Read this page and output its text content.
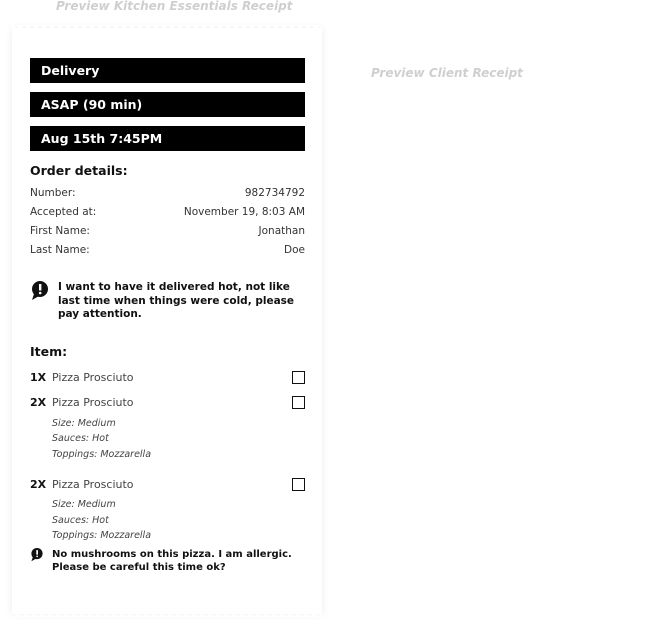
Preview Kitchen Essentials Receipt
Preview Client Receipt
Delivery
ASAP (90 min)
Aug 15th 7:45PM
Order details:
Number:	982734792
Accepted at:	November 19, 8:03 AM
First Name:	Jonathan
Last Name:	Doe
I want to have it delivered hot, not like last time when things were cold, please pay attention.
Item:
1X Pizza Prosciuto
2X Pizza Prosciuto
Size: Medium
Sauces: Hot
Toppings: Mozzarella
2X Pizza Prosciuto
Size: Medium
Sauces: Hot
Toppings: Mozzarella
No mushrooms on this pizza. I am allergic. Please be careful this time ok?
